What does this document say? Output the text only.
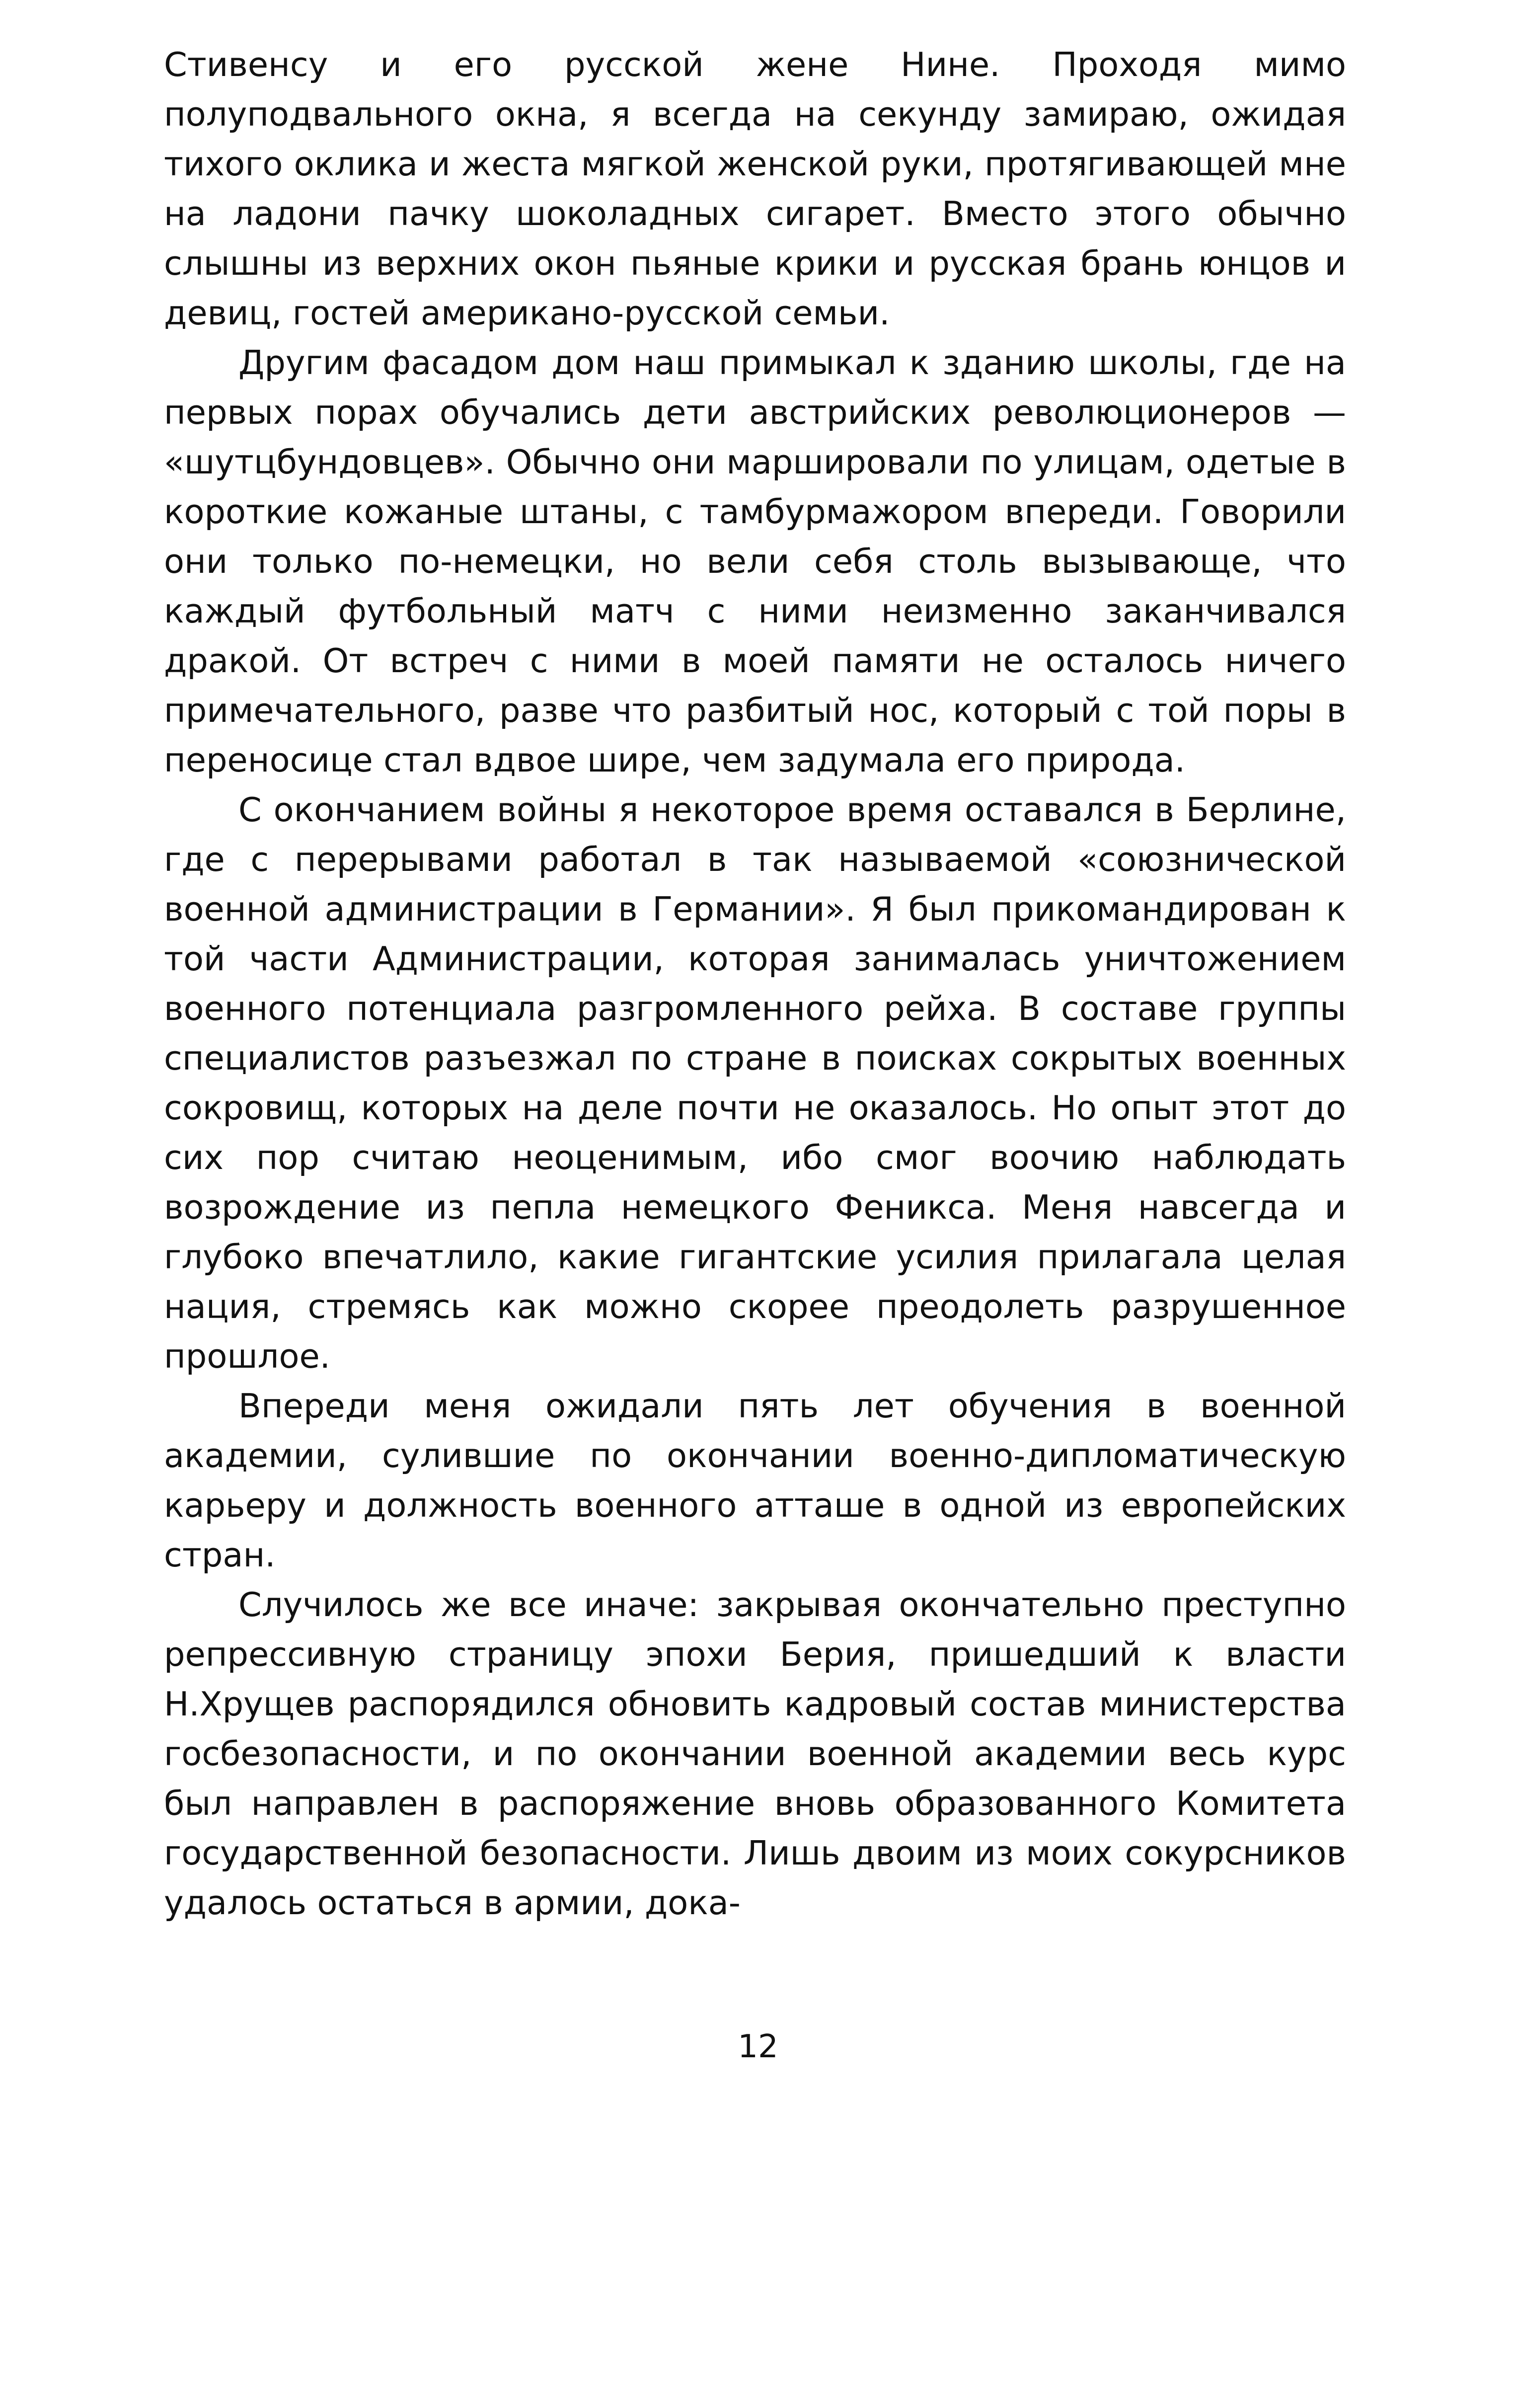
Стивенсу и его русской жене Нине. Проходя мимо полуподвального окна, я всегда на секунду замираю, ожидая тихого оклика и жеста мягкой женской руки, протягивающей мне на ладони пачку шоколадных сигарет. Вместо этого обычно слышны из верхних окон пьяные крики и русская брань юнцов и девиц, гостей американо-русской семьи.

Другим фасадом дом наш примыкал к зданию школы, где на первых порах обучались дети австрийских революционеров — «шутцбундовцев». Обычно они маршировали по улицам, одетые в короткие кожаные штаны, с тамбурмажором впереди. Говорили они только по-немецки, но вели себя столь вызывающе, что каждый футбольный матч с ними неизменно заканчивался дракой. От встреч с ними в моей памяти не осталось ничего примечательного, разве что разбитый нос, который с той поры в переносице стал вдвое шире, чем задумала его природа.

С окончанием войны я некоторое время оставался в Берлине, где с перерывами работал в так называемой «союзнической военной администрации в Германии». Я был прикомандирован к той части Администрации, которая занималась уничтожением военного потенциала разгромленного рейха. В составе группы специалистов разъезжал по стране в поисках сокрытых военных сокровищ, которых на деле почти не оказалось. Но опыт этот до сих пор считаю неоценимым, ибо смог воочию наблюдать возрождение из пепла немецкого Феникса. Меня навсегда и глубоко впечатлило, какие гигантские усилия прилагала целая нация, стремясь как можно скорее преодолеть разрушенное прошлое.

Впереди меня ожидали пять лет обучения в военной академии, сулившие по окончании военно-дипломатическую карьеру и должность военного атташе в одной из европейских стран.

Случилось же все иначе: закрывая окончательно преступно репрессивную страницу эпохи Берия, пришедший к власти Н.Хрущев распорядился обновить кадровый состав министерства госбезопасности, и по окончании военной академии весь курс был направлен в распоряжение вновь образованного Комитета государственной безопасности. Лишь двоим из моих сокурсников удалось остаться в армии, дока-

12
